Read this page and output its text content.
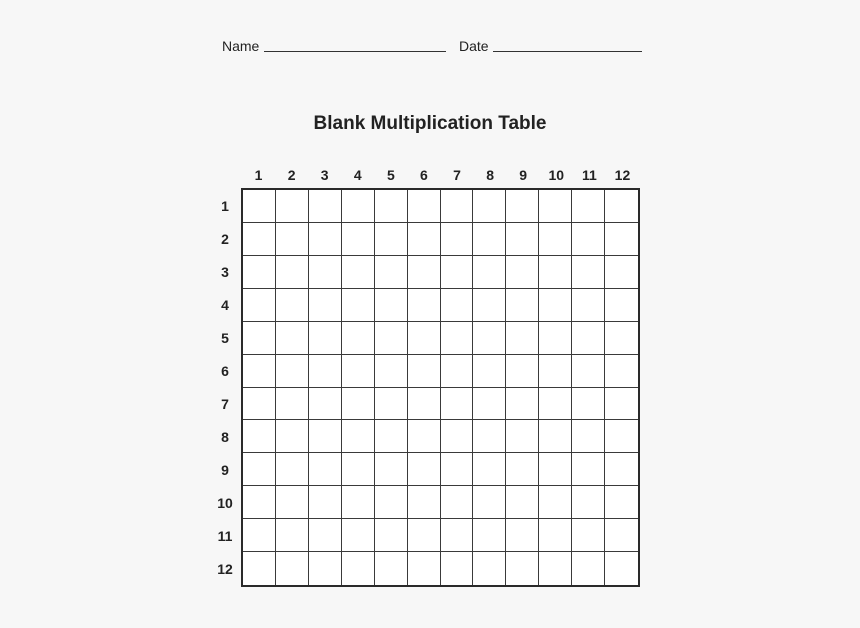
Name	Date
Blank Multiplication Table
1	2	3	4	5	6	7	8	9	10	11	12
1
2
3
4
5
6
7
8
9
10
11
12
